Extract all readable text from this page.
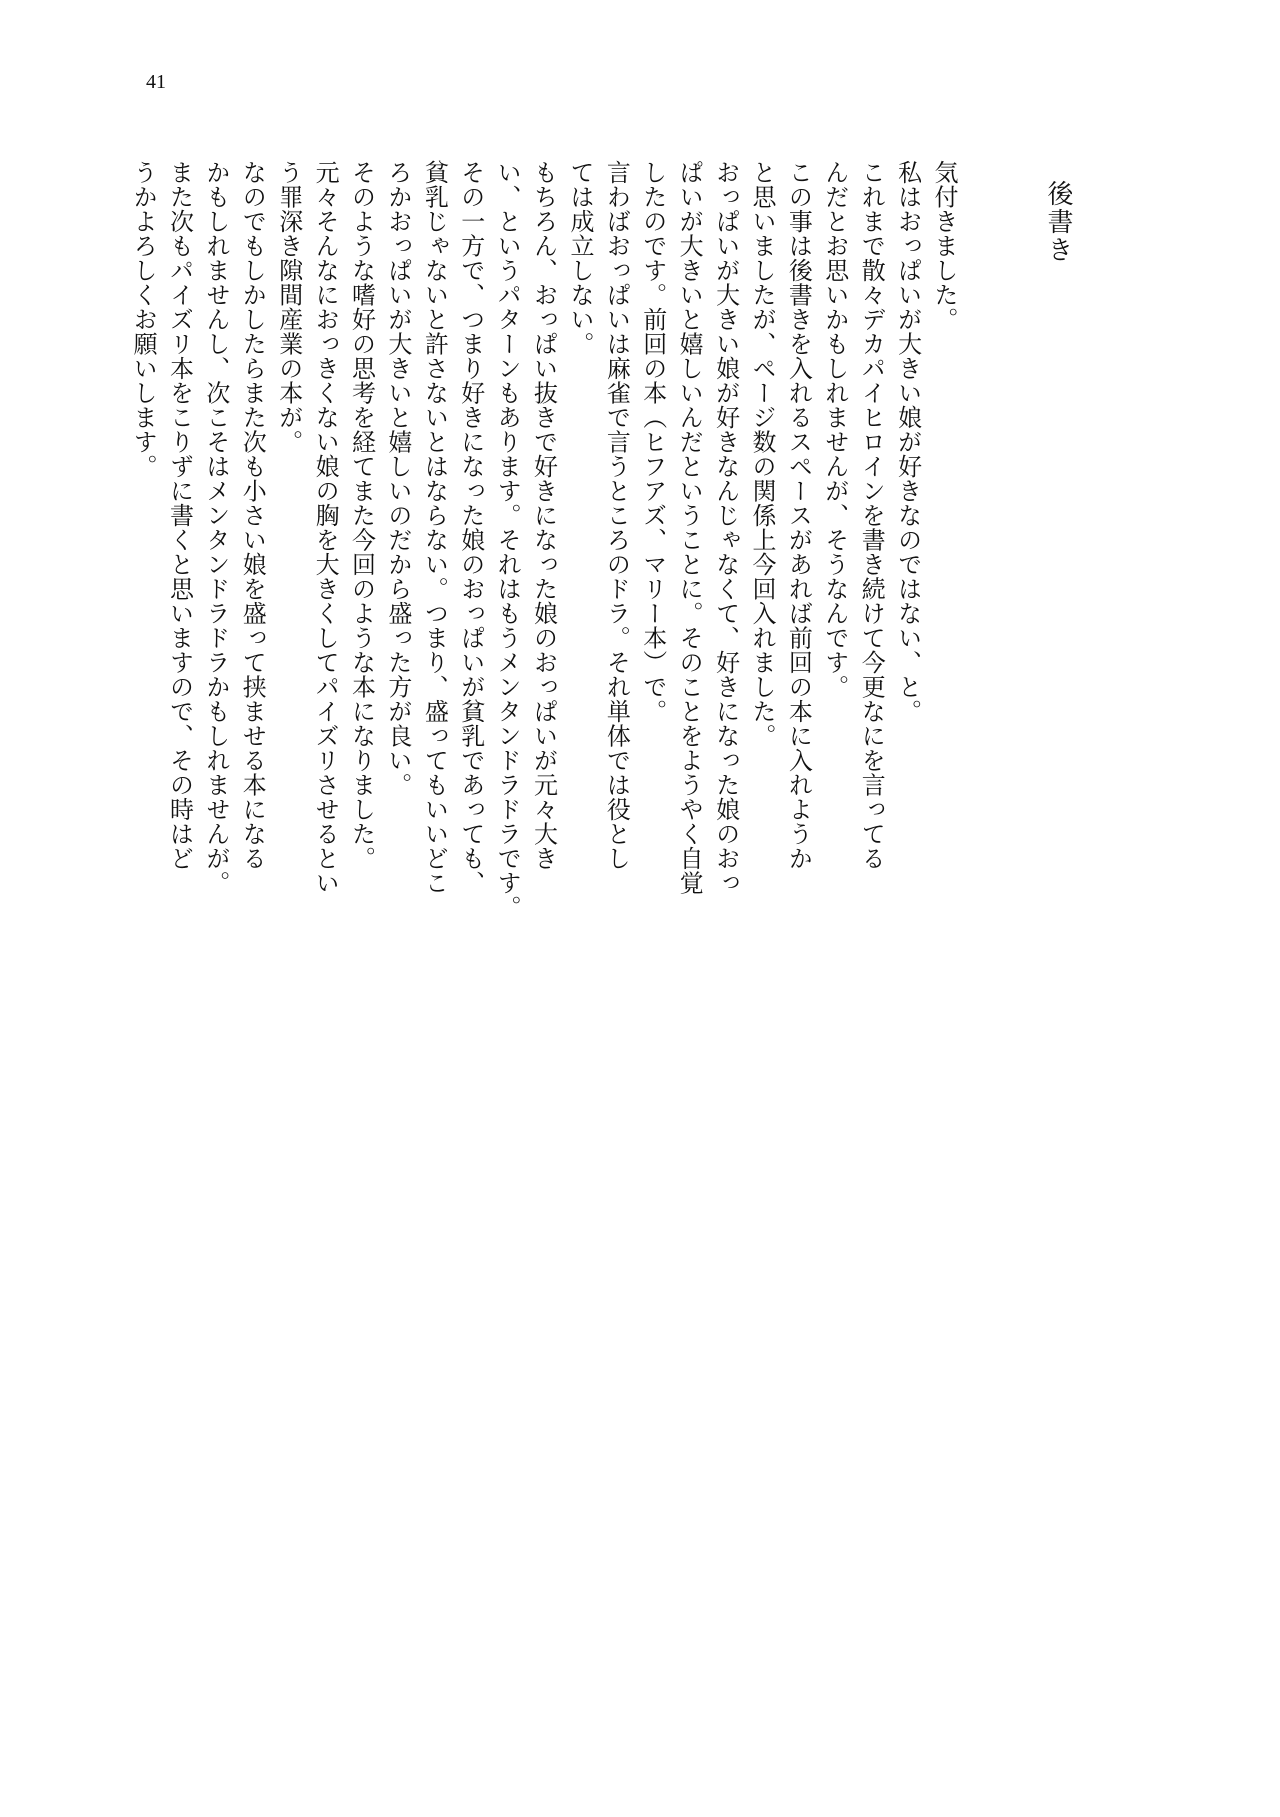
41
後書き
気付きました。
私はおっぱいが大きい娘が好きなのではない、と。
これまで散々デカパイヒロインを書き続けて今更なにを言ってる
んだとお思いかもしれませんが、そうなんです。
この事は後書きを入れるスペースがあれば前回の本に入れようか
と思いましたが、ページ数の関係上今回入れました。
おっぱいが大きい娘が好きなんじゃなくて、好きになった娘のおっ
ぱいが大きいと嬉しいんだということに。そのことをようやく自覚
したのです。前回の本（ヒフアズ、マリー本）で。
言わばおっぱいは麻雀で言うところのドラ。それ単体では役とし
ては成立しない。
もちろん、おっぱい抜きで好きになった娘のおっぱいが元々大き
い、というパターンもあります。それはもうメンタンドラドラです。
その一方で、つまり好きになった娘のおっぱいが貧乳であっても、
貧乳じゃないと許さないとはならない。つまり、盛ってもいいどこ
ろかおっぱいが大きいと嬉しいのだから盛った方が良い。
そのような嗜好の思考を経てまた今回のような本になりました。
元々そんなにおっきくない娘の胸を大きくしてパイズリさせるとい
う罪深き隙間産業の本が。
なのでもしかしたらまた次も小さい娘を盛って挟ませる本になる
かもしれませんし、次こそはメンタンドラドラかもしれませんが。
また次もパイズリ本をこりずに書くと思いますので、その時はど
うかよろしくお願いします。
